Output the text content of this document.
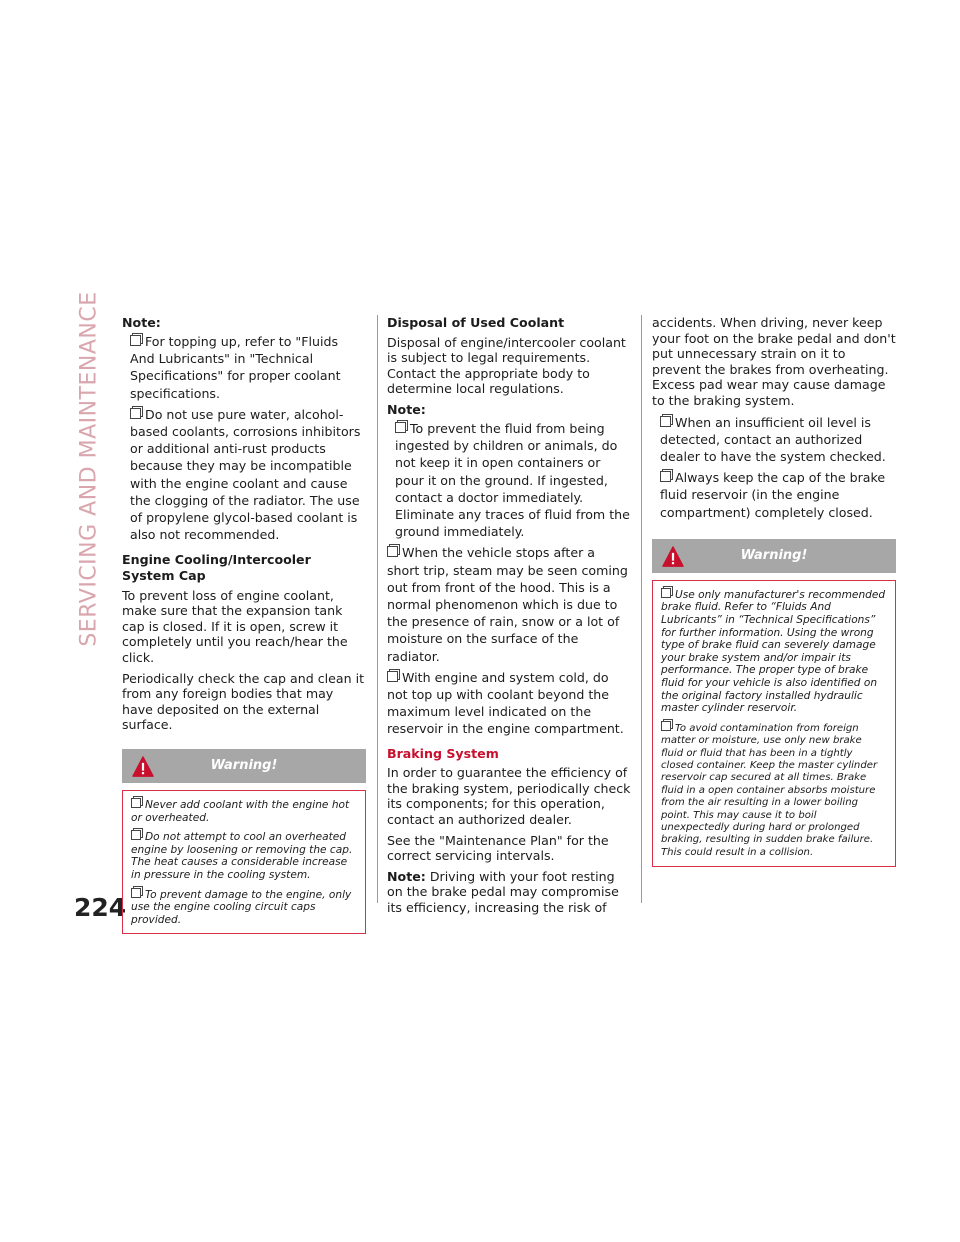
SERVICING AND MAINTENANCE
224
Note:
For topping up, refer to "Fluids And Lubricants" in "Technical Specifications" for proper coolant specifications.
Do not use pure water, alcohol-based coolants, corrosions inhibitors or additional anti-rust products because they may be incompatible with the engine coolant and cause the clogging of the radiator. The use of propylene glycol-based coolant is also not recommended.
Engine Cooling/Intercooler System Cap

To prevent loss of engine coolant, make sure that the expansion tank cap is closed. If it is open, screw it completely until you reach/hear the click.

Periodically check the cap and clean it from any foreign bodies that may have deposited on the external surface.

Warning!

Never add coolant with the engine hot or overheated.

Do not attempt to cool an overheated engine by loosening or removing the cap. The heat causes a considerable increase in pressure in the cooling system.

To prevent damage to the engine, only use the engine cooling circuit caps provided.

Disposal of Used Coolant

Disposal of engine/intercooler coolant is subject to legal requirements. Contact the appropriate body to determine local regulations.

Note:
To prevent the fluid from being ingested by children or animals, do not keep it in open containers or pour it on the ground. If ingested, contact a doctor immediately. Eliminate any traces of fluid from the ground immediately.
When the vehicle stops after a short trip, steam may be seen coming out from front of the hood. This is a normal phenomenon which is due to the presence of rain, snow or a lot of moisture on the surface of the radiator.
With engine and system cold, do not top up with coolant beyond the maximum level indicated on the reservoir in the engine compartment.
Braking System

In order to guarantee the efficiency of the braking system, periodically check its components; for this operation, contact an authorized dealer.

See the "Maintenance Plan" for the correct servicing intervals.

Note: Driving with your foot resting on the brake pedal may compromise its efficiency, increasing the risk of

accidents. When driving, never keep your foot on the brake pedal and don't put unnecessary strain on it to prevent the brakes from overheating. Excess pad wear may cause damage to the braking system.

When an insufficient oil level is detected, contact an authorized dealer to have the system checked.
Always keep the cap of the brake fluid reservoir (in the engine compartment) completely closed.
Warning!

Use only manufacturer's recommended brake fluid. Refer to “Fluids And Lubricants” in “Technical Specifications” for further information. Using the wrong type of brake fluid can severely damage your brake system and/or impair its performance. The proper type of brake fluid for your vehicle is also identified on the original factory installed hydraulic master cylinder reservoir.

To avoid contamination from foreign matter or moisture, use only new brake fluid or fluid that has been in a tightly closed container. Keep the master cylinder reservoir cap secured at all times. Brake fluid in a open container absorbs moisture from the air resulting in a lower boiling point. This may cause it to boil unexpectedly during hard or prolonged braking, resulting in sudden brake failure. This could result in a collision.
